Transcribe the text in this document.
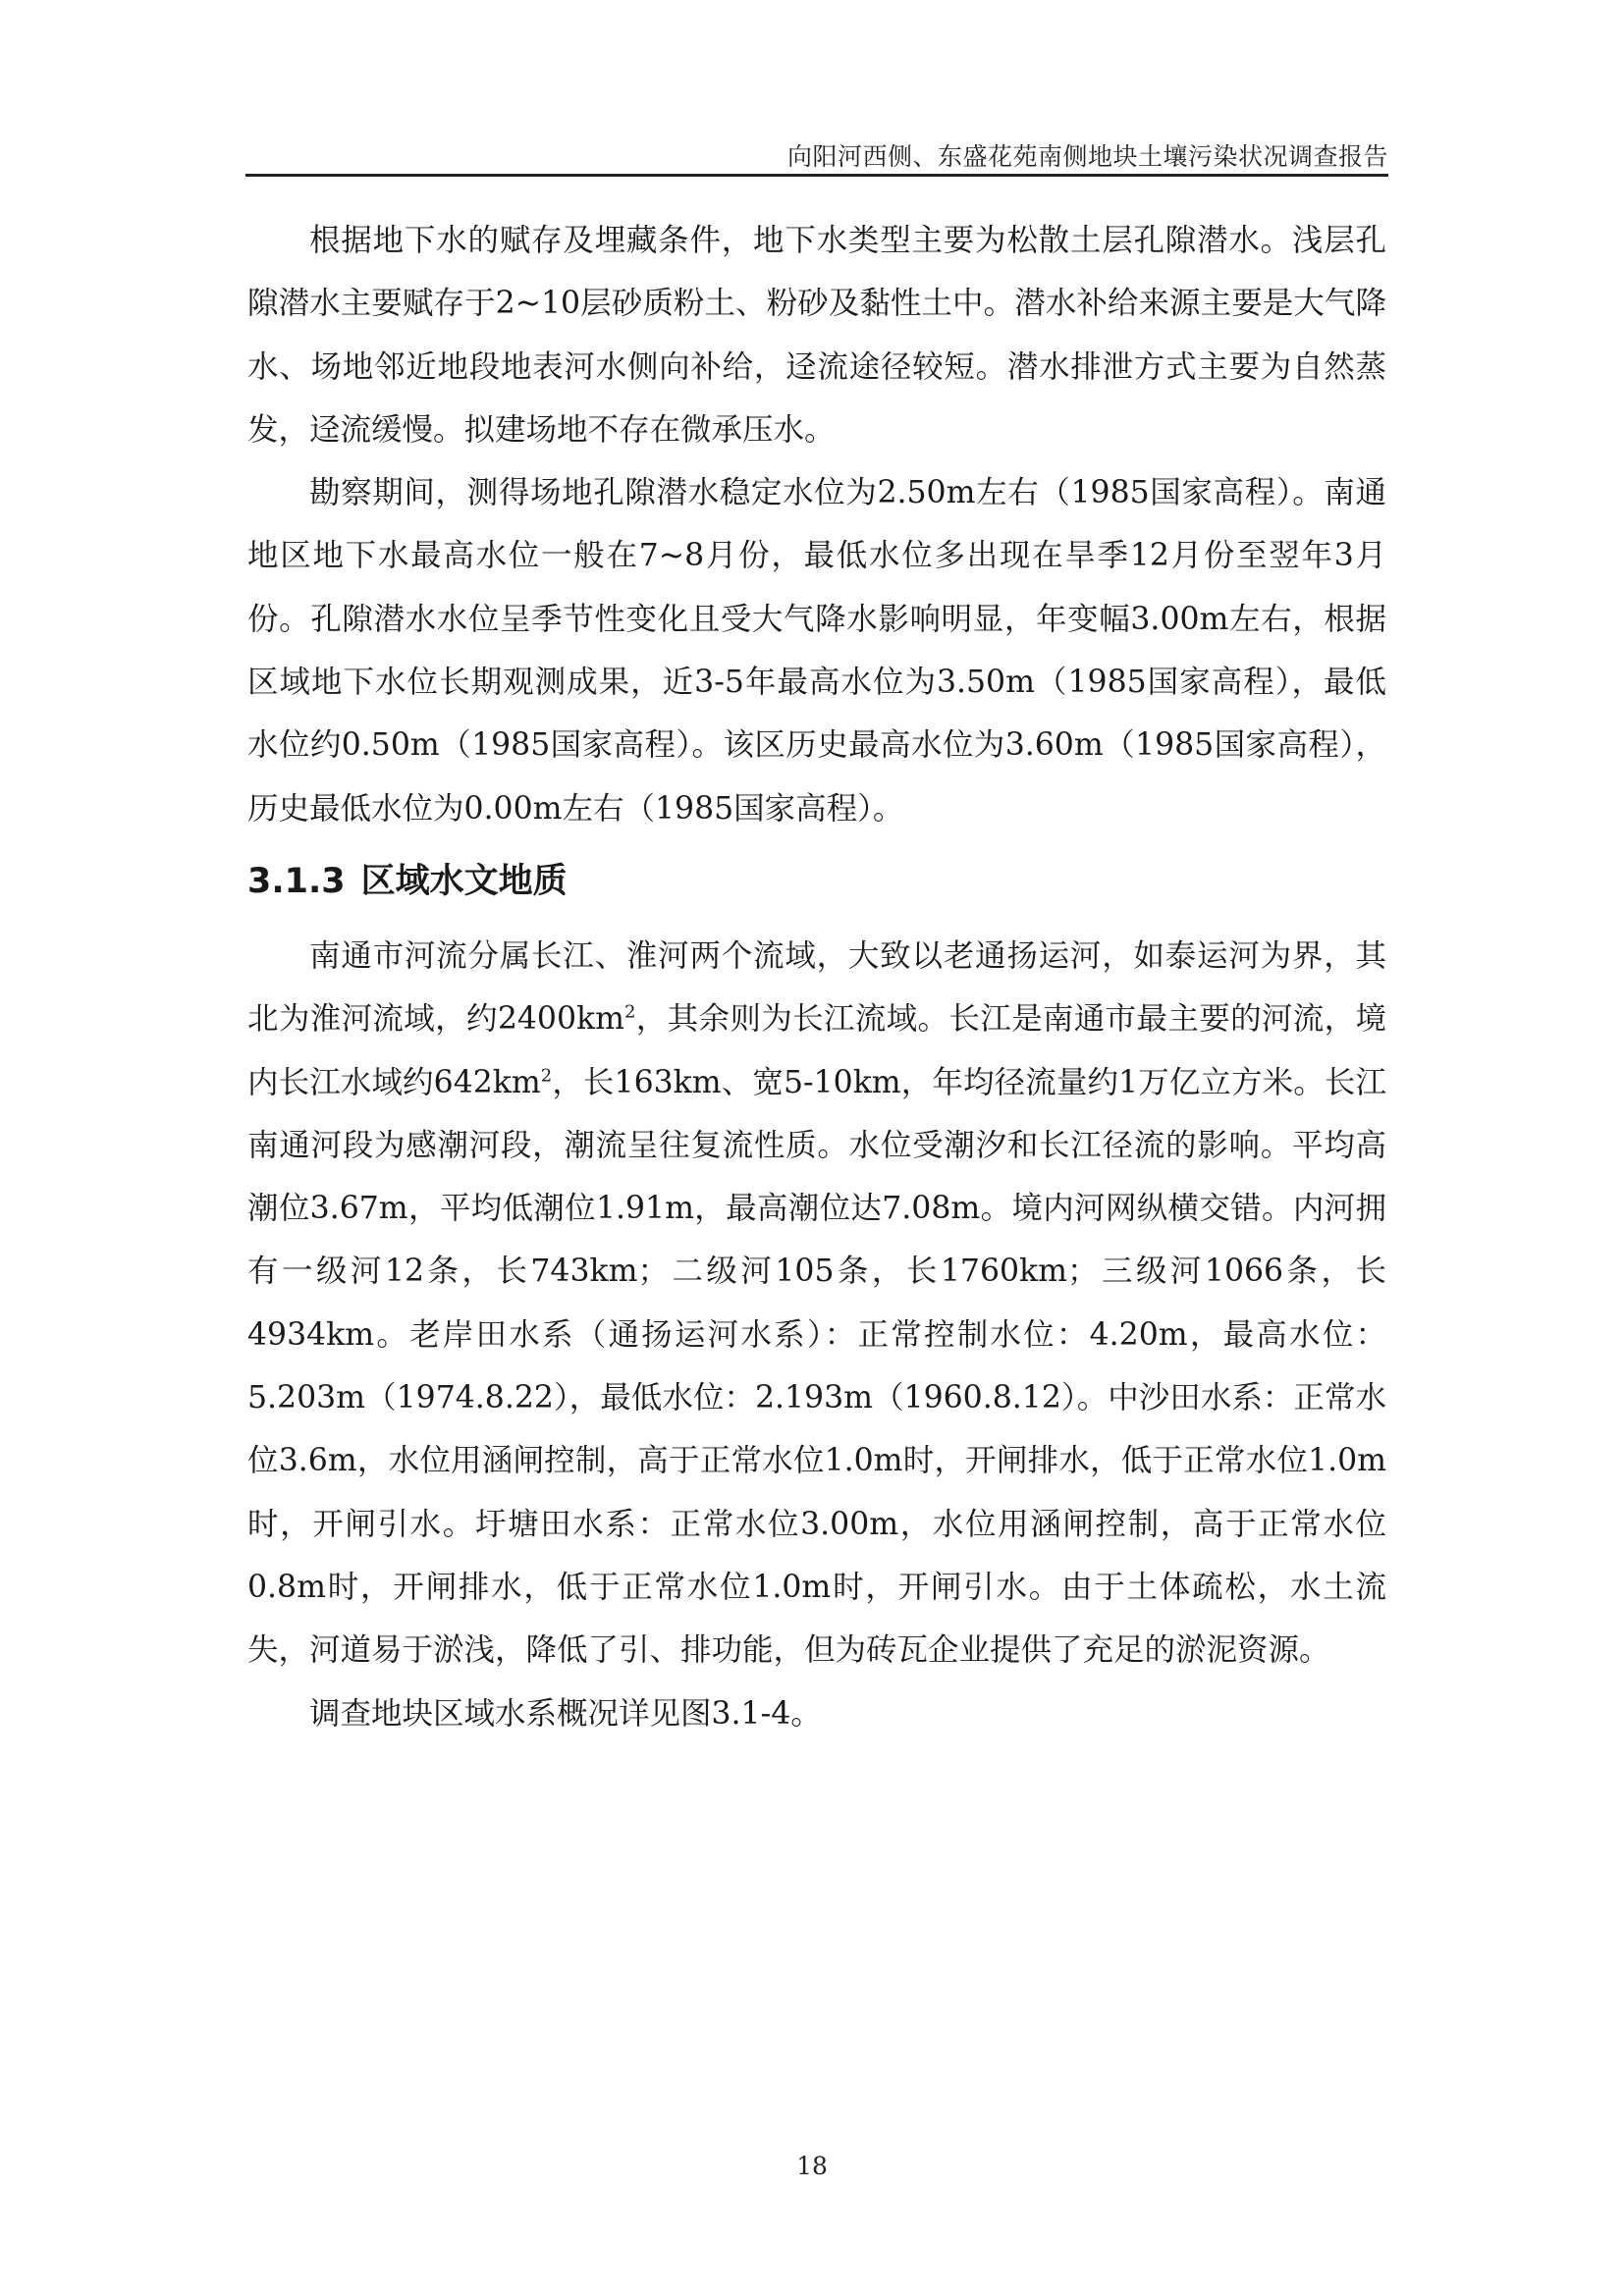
向阳河西侧、东盛花苑南侧地块土壤污染状况调查报告

根据地下水的赋存及埋藏条件，地下水类型主要为松散土层孔隙潜水。浅层孔隙潜水主要赋存于2~10层砂质粉土、粉砂及黏性土中。潜水补给来源主要是大气降水、场地邻近地段地表河水侧向补给，迳流途径较短。潜水排泄方式主要为自然蒸发，迳流缓慢。拟建场地不存在微承压水。

勘察期间，测得场地孔隙潜水稳定水位为2.50m左右（1985国家高程）。南通地区地下水最高水位一般在7~8月份，最低水位多出现在旱季12月份至翌年3月份。孔隙潜水水位呈季节性变化且受大气降水影响明显，年变幅3.00m左右，根据区域地下水位长期观测成果，近3-5年最高水位为3.50m（1985国家高程），最低水位约0.50m（1985国家高程）。该区历史最高水位为3.60m（1985国家高程），历史最低水位为0.00m左右（1985国家高程）。

3.1.3 区域水文地质

南通市河流分属长江、淮河两个流域，大致以老通扬运河，如泰运河为界，其北为淮河流域，约$2400km^2$，其余则为长江流域。长江是南通市最主要的河流，境内长江水域约$642km^2$，长163km、宽5-10km，年均径流量约1万亿立方米。长江南通河段为感潮河段，潮流呈往复流性质。水位受潮汐和长江径流的影响。平均高潮位3.67m，平均低潮位1.91m，最高潮位达7.08m。境内河网纵横交错。内河拥有一级河12条，长743km；二级河105条，长1760km；三级河1066条，长4934km。老岸田水系（通扬运河水系）：正常控制水位：4.20m，最高水位：5.203m（1974.8.22），最低水位：2.193m（1960.8.12）。中沙田水系：正常水位3.6m，水位用涵闸控制，高于正常水位1.0m时，开闸排水，低于正常水位1.0m时，开闸引水。圩塘田水系：正常水位3.00m，水位用涵闸控制，高于正常水位0.8m时，开闸排水，低于正常水位1.0m时，开闸引水。由于土体疏松，水土流失，河道易于淤浅，降低了引、排功能，但为砖瓦企业提供了充足的淤泥资源。

调查地块区域水系概况详见图3.1-4。

18
